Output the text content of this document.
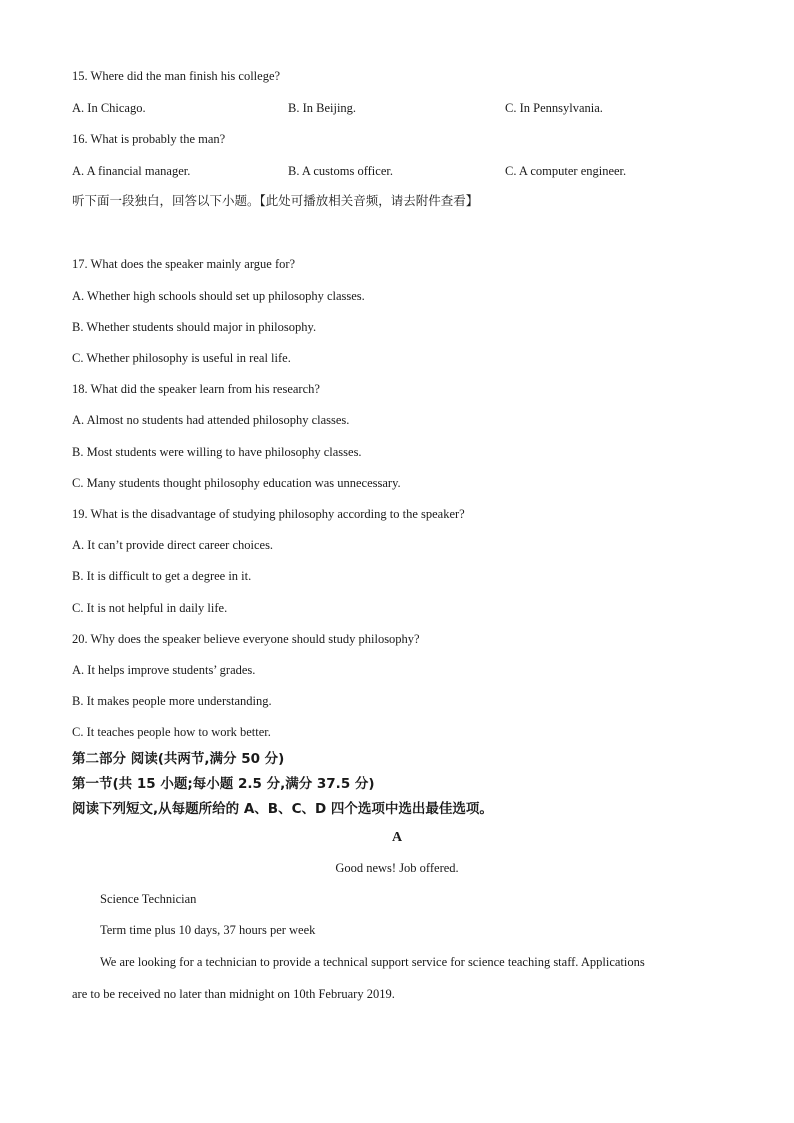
15. Where did the man finish his college?
A. In Chicago.	B. In Beijing.	C. In Pennsylvania.
16. What is probably the man?
A. A financial manager.	B. A customs officer.	C. A computer engineer.
听下面一段独白，回答以下小题。【此处可播放相关音频，请去附件查看】
17. What does the speaker mainly argue for?
A. Whether high schools should set up philosophy classes.
B. Whether students should major in philosophy.
C. Whether philosophy is useful in real life.
18. What did the speaker learn from his research?
A. Almost no students had attended philosophy classes.
B. Most students were willing to have philosophy classes.
C. Many students thought philosophy education was unnecessary.
19. What is the disadvantage of studying philosophy according to the speaker?
A. It can’t provide direct career choices.
B. It is difficult to get a degree in it.
C. It is not helpful in daily life.
20. Why does the speaker believe everyone should study philosophy?
A. It helps improve students’ grades.
B. It makes people more understanding.
C. It teaches people how to work better.
第二部分 阅读(共两节,满分 50 分)
第一节(共 15 小题;每小题 2.5 分,满分 37.5 分)
阅读下列短文,从每题所给的 A、B、C、D 四个选项中选出最佳选项。
A
Good news! Job offered.
Science Technician
Term time plus 10 days, 37 hours per week
We are looking for a technician to provide a technical support service for science teaching staff. Applications
are to be received no later than midnight on 10th February 2019.
